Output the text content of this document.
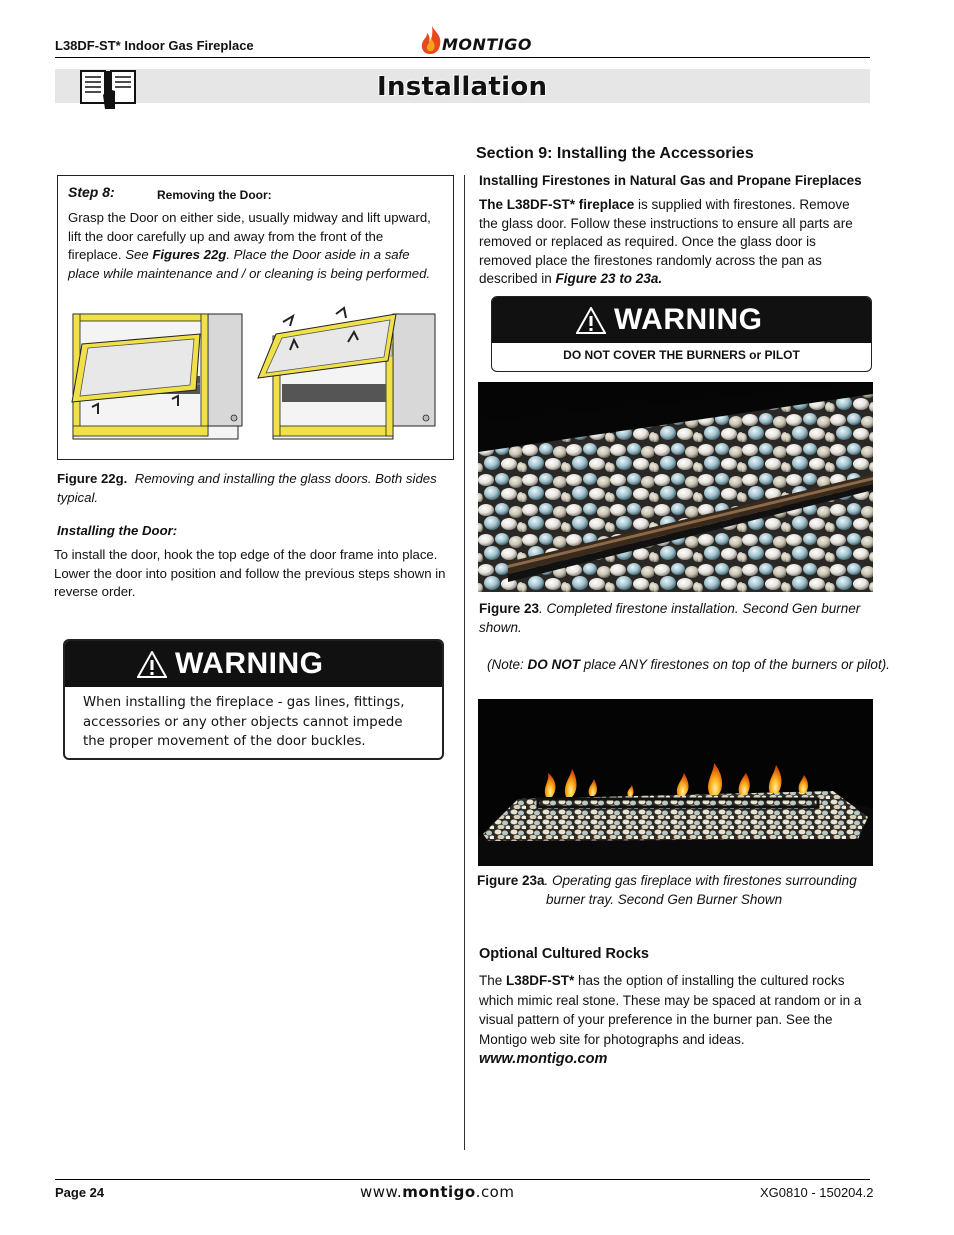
L38DF-ST* Indoor Gas Fireplace	MONTIGO
Installation
Step 8:	Removing the Door:

Grasp the Door on either side, usually midway and lift upward, lift the door carefully up and away from the front of the fireplace. See Figures 22g. Place the Door aside in a safe place while maintenance and / or cleaning is being performed.

Figure 22g. Removing and installing the glass doors. Both sides typical.

Installing the Door:

To install the door, hook the top edge of the door frame into place. Lower the door into position and follow the previous steps shown in reverse order.

WARNING

When installing the fireplace - gas lines, fittings, accessories or any other objects cannot impede the proper movement of the door buckles.

Section 9: Installing the Accessories

Installing Firestones in Natural Gas and Propane Fireplaces

The L38DF-ST* fireplace is supplied with firestones. Remove the glass door. Follow these instructions to ensure all parts are removed or replaced as required. Once the glass door is removed place the firestones randomly across the pan as described in Figure 23 to 23a.

WARNING

DO NOT COVER THE BURNERS or PILOT

Figure 23. Completed firestone installation. Second Gen burner shown.

(Note: DO NOT place ANY firestones on top of the burners or pilot).

Figure 23a. Operating gas fireplace with firestones surrounding

burner tray. Second Gen Burner Shown

Optional Cultured Rocks

The L38DF-ST* has the option of installing the cultured rocks which mimic real stone. These may be spaced at random or in a visual pattern of your preference in the burner pan. See the Montigo web site for photographs and ideas. www.montigo.com

Page 24	www.montigo.com	XG0810 - 150204.2
